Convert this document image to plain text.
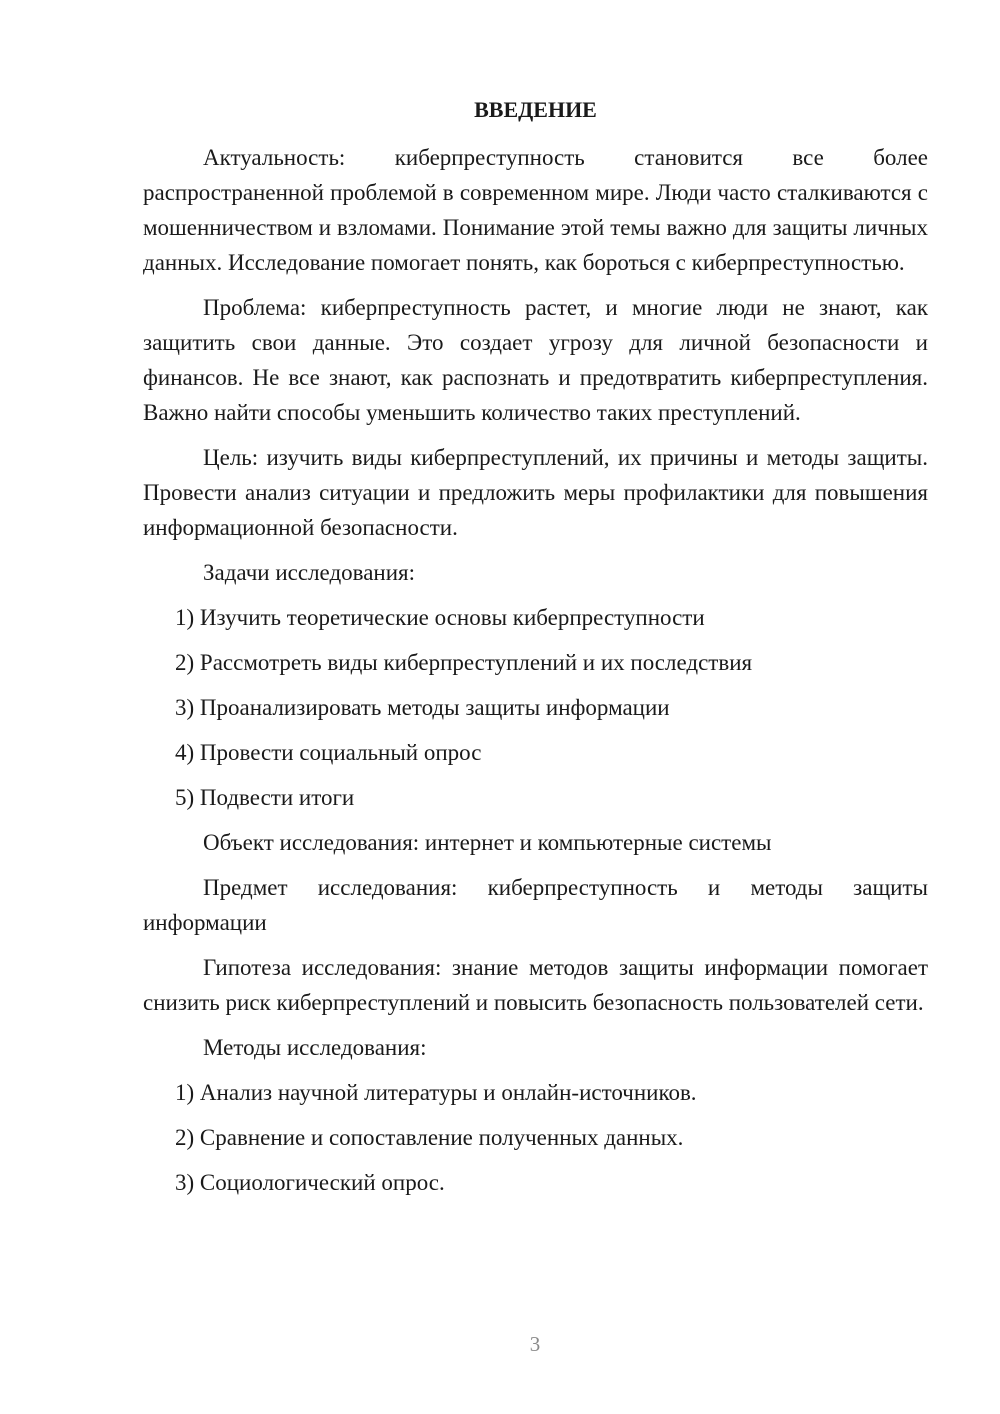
ВВЕДЕНИЕ

Актуальность: киберпреступность становится все более распространенной проблемой в современном мире. Люди часто сталкиваются с мошенничеством и взломами. Понимание этой темы важно для защиты личных данных. Исследование помогает понять, как бороться с киберпреступностью.

Проблема: киберпреступность растет, и многие люди не знают, как защитить свои данные. Это создает угрозу для личной безопасности и финансов. Не все знают, как распознать и предотвратить киберпреступления. Важно найти способы уменьшить количество таких преступлений.

Цель: изучить виды киберпреступлений, их причины и методы защиты. Провести анализ ситуации и предложить меры профилактики для повышения информационной безопасности.

Задачи исследования:

1) Изучить теоретические основы киберпреступности
2) Рассмотреть виды киберпреступлений и их последствия
3) Проанализировать методы защиты информации
4) Провести социальный опрос
5) Подвести итоги

Объект исследования: интернет и компьютерные системы

Предмет исследования: киберпреступность и методы защиты информации

Гипотеза исследования: знание методов защиты информации помогает снизить риск киберпреступлений и повысить безопасность пользователей сети.

Методы исследования:

1) Анализ научной литературы и онлайн-источников.
2) Сравнение и сопоставление полученных данных.
3) Социологический опрос.
3
